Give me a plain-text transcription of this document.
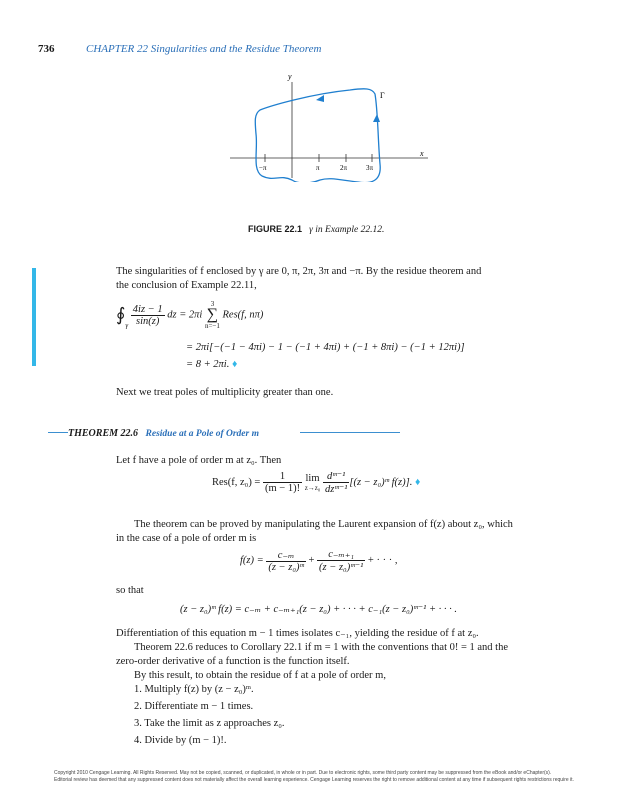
736	CHAPTER 22 Singularities and the Residue Theorem
y
x
Γ
−π	π	2π	3π
FIGURE 22.1 γ in Example 22.12.
The singularities of f enclosed by γ are 0, π, 2π, 3π and −π. By the residue theorem and
the conclusion of Example 22.11,
$∮_\gamma \frac{4iz - 1}{\sin(z)}$ dz = 2πi
3
∑
n=−1
Res(f, nπ)
= 2πi[−(−1 − 4πi) − 1 − (−1 + 4πi) + (−1 + 8πi) − (−1 + 12πi)]
= 8 + 2πi. ♦
Next we treat poles of multiplicity greater than one.
THEOREM 22.6 Residue at a Pole of Order m
Let f have a pole of order m at z₀. Then
Res(f, $z_0) = \frac{1}{(m - 1)!}$
lim
z→z₀
$\frac{\text{dᵐ⁻¹}}{\text{dzᵐ⁻¹}} [(z$ − z₀)ᵐ f(z)]. ♦
The theorem can be proved by manipulating the Laurent expansion of f(z) about z₀, which
in the case of a pole of order m is
$f(z) = \frac{\text{c₋ₘ}}{\text{(z − z₀)ᵐ}} + \frac{\text{c₋ₘ₊₁}}{\text{(z − z₀)ᵐ⁻¹}}$ + · · · ,
so that
(z − z₀)ᵐ f(z) = c₋ₘ + c₋ₘ₊₁(z − z₀) + · · · + c₋₁(z − z₀)ᵐ⁻¹ + · · · .
Differentiation of this equation m − 1 times isolates c₋₁, yielding the residue of f at z₀.
Theorem 22.6 reduces to Corollary 22.1 if m = 1 with the conventions that 0! = 1 and the
zero-order derivative of a function is the function itself.
By this result, to obtain the residue of f at a pole of order m,
1. Multiply f(z) by (z − z₀)ᵐ.
2. Differentiate m − 1 times.
3. Take the limit as z approaches z₀.
4. Divide by (m − 1)!.
Copyright 2010 Cengage Learning. All Rights Reserved. May not be copied, scanned, or duplicated, in whole or in part. Due to electronic rights, some third party content may be suppressed from the eBook and/or eChapter(s).
Editorial review has deemed that any suppressed content does not materially affect the overall learning experience. Cengage Learning reserves the right to remove additional content at any time if subsequent rights restrictions require it.
